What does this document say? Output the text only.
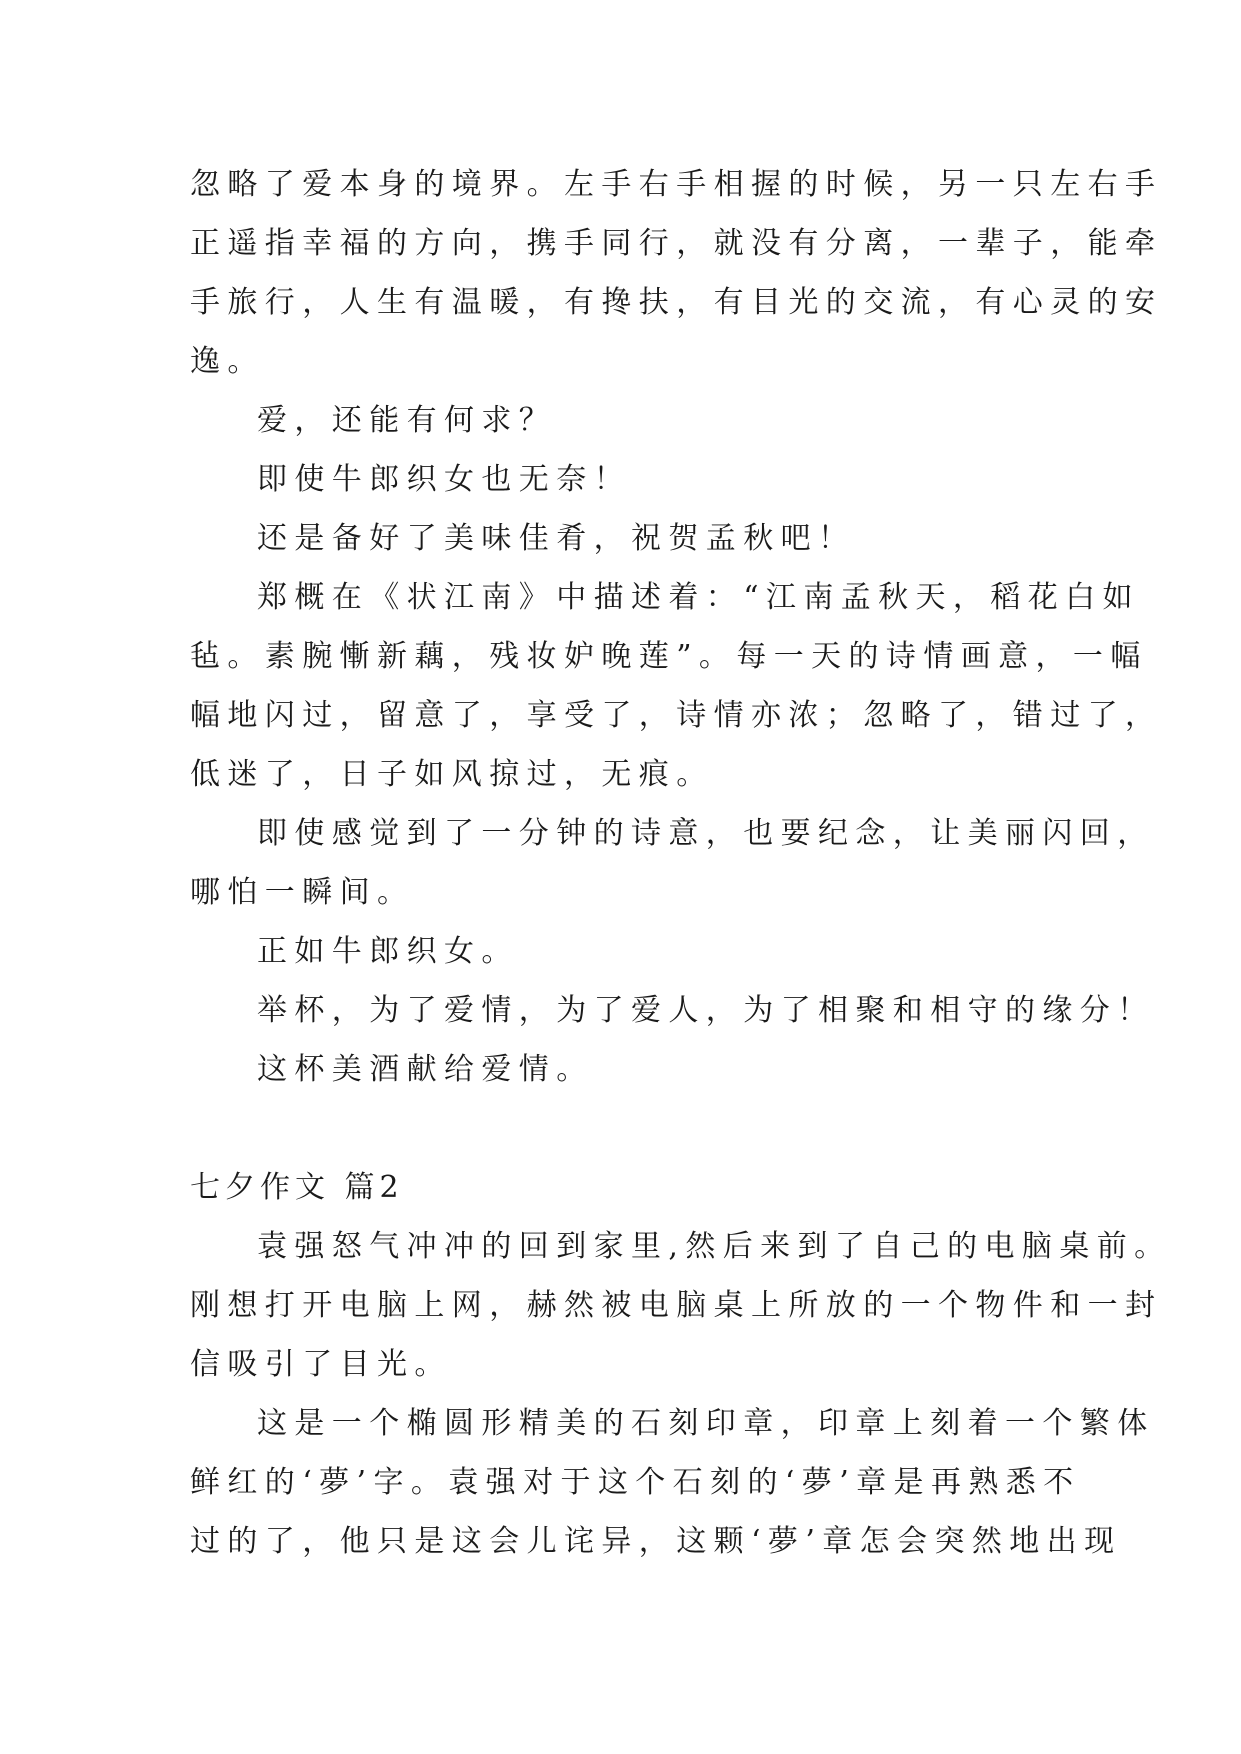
忽略了爱本身的境界。左手右手相握的时候，另一只左右手
正遥指幸福的方向，携手同行，就没有分离，一辈子，能牵
手旅行，人生有温暖，有搀扶，有目光的交流，有心灵的安
逸。
爱，还能有何求？
即使牛郎织女也无奈！
还是备好了美味佳肴，祝贺孟秋吧！
郑概在《状江南》中描述着：“江南孟秋天，稻花白如
毡。素腕慚新藕，残妆妒晚莲”。每一天的诗情画意，一幅
幅地闪过，留意了，享受了，诗情亦浓；忽略了，错过了，
低迷了，日子如风掠过，无痕。
即使感觉到了一分钟的诗意，也要纪念，让美丽闪回，
哪怕一瞬间。
正如牛郎织女。
举杯，为了爱情，为了爱人，为了相聚和相守的缘分！
这杯美酒献给爱情。
七夕作文 篇2
袁强怒气冲冲的回到家里,然后来到了自己的电脑桌前。
刚想打开电脑上网，赫然被电脑桌上所放的一个物件和一封
信吸引了目光。
这是一个椭圆形精美的石刻印章，印章上刻着一个繁体
鲜红的‘夢’字。袁强对于这个石刻的‘夢’章是再熟悉不
过的了，他只是这会儿诧异，这颗‘夢’章怎会突然地出现
